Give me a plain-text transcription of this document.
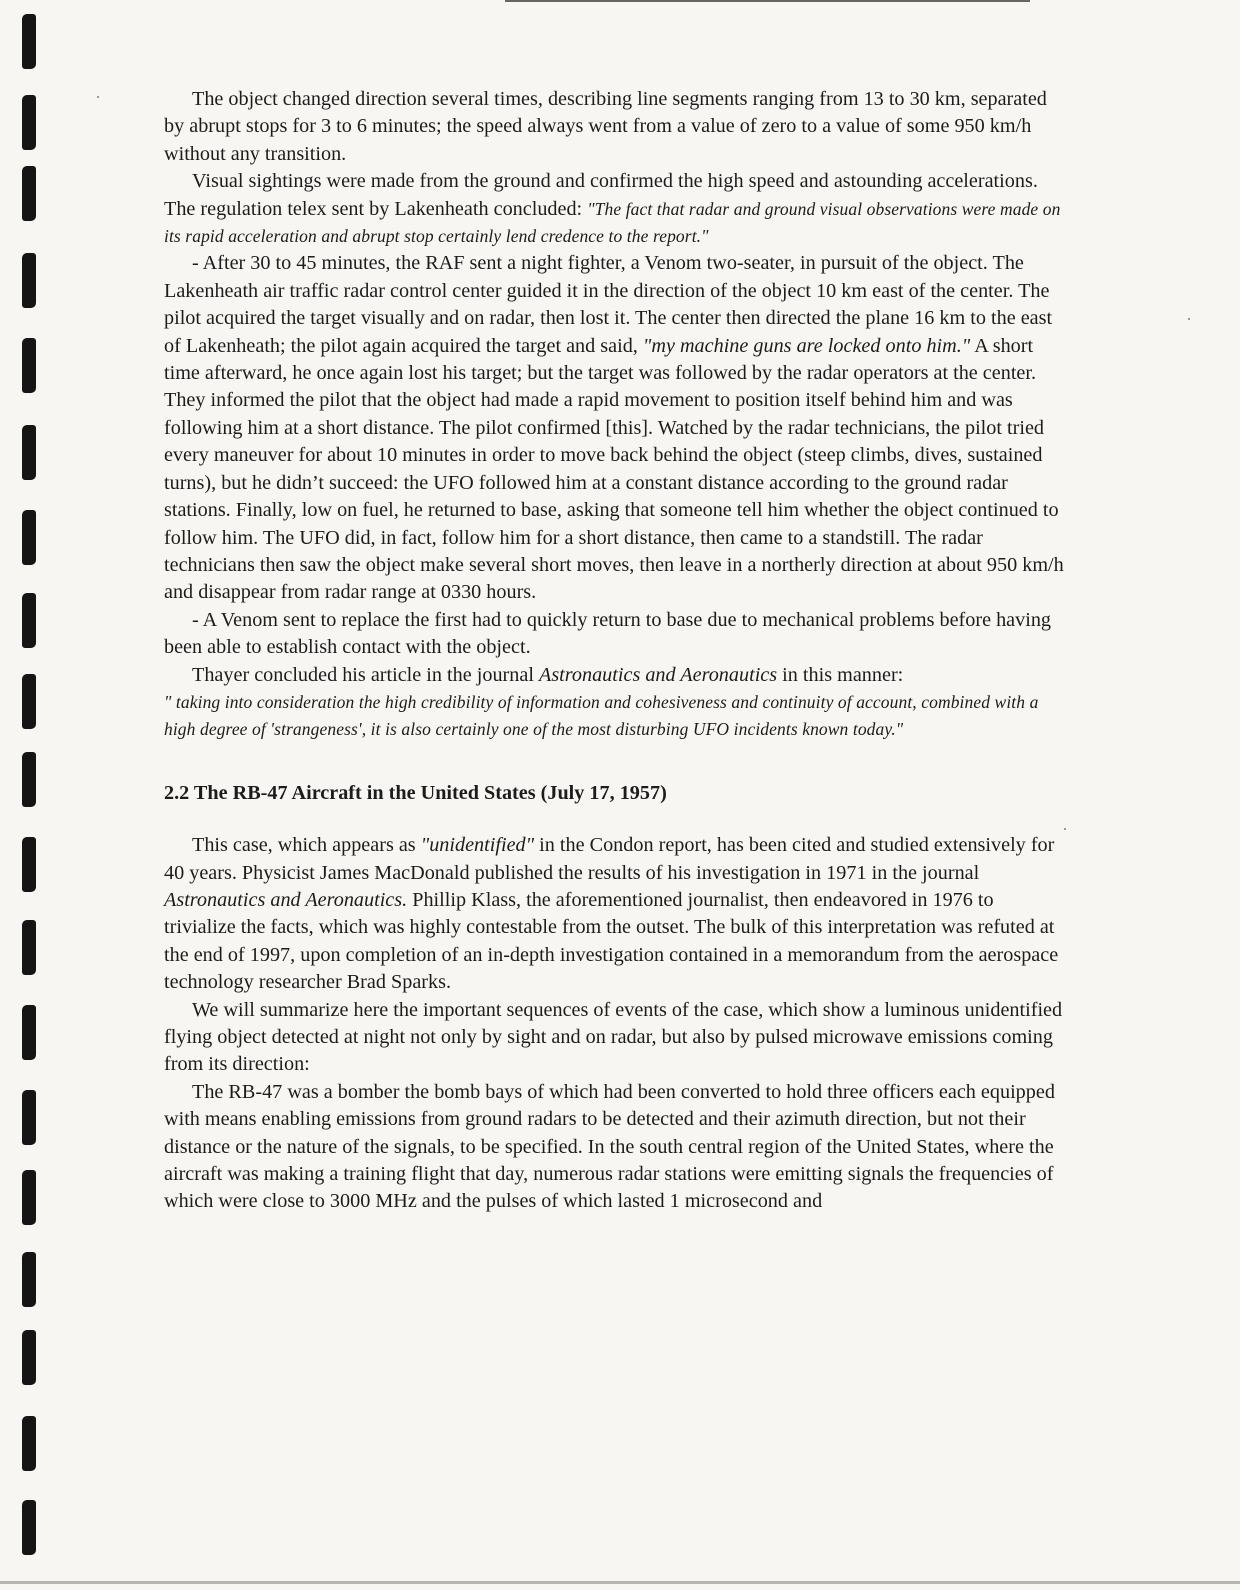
The object changed direction several times, describing line segments ranging from 13 to 30 km, separated by abrupt stops for 3 to 6 minutes; the speed always went from a value of zero to a value of some 950 km/h without any transition.

Visual sightings were made from the ground and confirmed the high speed and astounding accelerations. The regulation telex sent by Lakenheath concluded: "The fact that radar and ground visual observations were made on its rapid acceleration and abrupt stop certainly lend credence to the report."

- After 30 to 45 minutes, the RAF sent a night fighter, a Venom two-seater, in pursuit of the object. The Lakenheath air traffic radar control center guided it in the direction of the object 10 km east of the center. The pilot acquired the target visually and on radar, then lost it. The center then directed the plane 16 km to the east of Lakenheath; the pilot again acquired the target and said, "my machine guns are locked onto him." A short time afterward, he once again lost his target; but the target was followed by the radar operators at the center. They informed the pilot that the object had made a rapid movement to position itself behind him and was following him at a short distance. The pilot confirmed [this]. Watched by the radar technicians, the pilot tried every maneuver for about 10 minutes in order to move back behind the object (steep climbs, dives, sustained turns), but he didn’t succeed: the UFO followed him at a constant distance according to the ground radar stations. Finally, low on fuel, he returned to base, asking that someone tell him whether the object continued to follow him. The UFO did, in fact, follow him for a short distance, then came to a standstill. The radar technicians then saw the object make several short moves, then leave in a northerly direction at about 950 km/h and disappear from radar range at 0330 hours.

- A Venom sent to replace the first had to quickly return to base due to mechanical problems before having been able to establish contact with the object.

Thayer concluded his article in the journal Astronautics and Aeronautics in this manner:
" taking into consideration the high credibility of information and cohesiveness and continuity of account, combined with a high degree of 'strangeness', it is also certainly one of the most disturbing UFO incidents known today."

2.2 The RB-47 Aircraft in the United States (July 17, 1957)

This case, which appears as "unidentified" in the Condon report, has been cited and studied extensively for 40 years. Physicist James MacDonald published the results of his investigation in 1971 in the journal Astronautics and Aeronautics. Phillip Klass, the aforementioned journalist, then endeavored in 1976 to trivialize the facts, which was highly contestable from the outset. The bulk of this interpretation was refuted at the end of 1997, upon completion of an in-depth investigation contained in a memorandum from the aerospace technology researcher Brad Sparks.

We will summarize here the important sequences of events of the case, which show a luminous unidentified flying object detected at night not only by sight and on radar, but also by pulsed microwave emissions coming from its direction:

The RB-47 was a bomber the bomb bays of which had been converted to hold three officers each equipped with means enabling emissions from ground radars to be detected and their azimuth direction, but not their distance or the nature of the signals, to be specified. In the south central region of the United States, where the aircraft was making a training flight that day, numerous radar stations were emitting signals the frequencies of which were close to 3000 MHz and the pulses of which lasted 1 microsecond and
